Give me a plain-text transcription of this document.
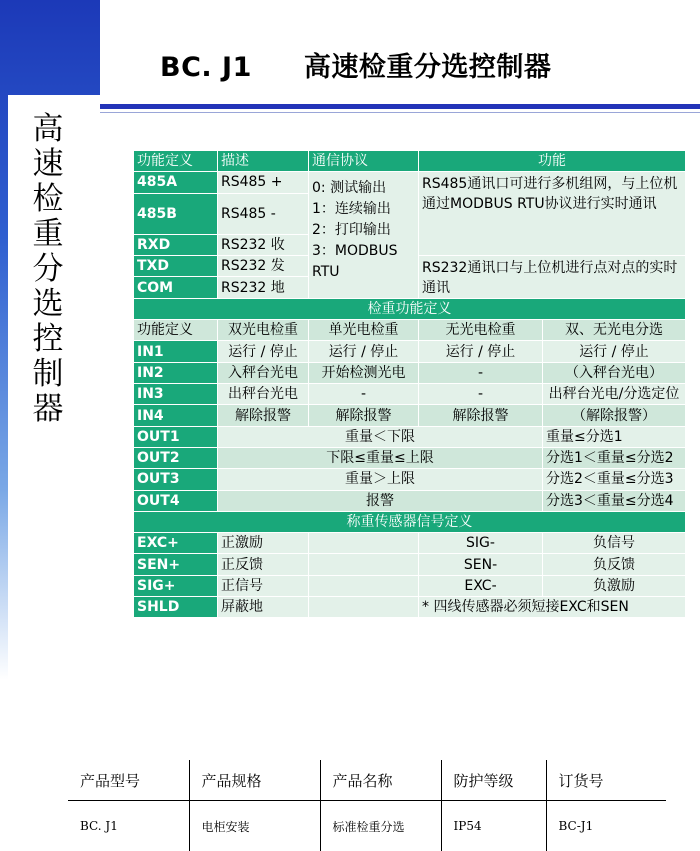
高
速
检
重
分
选
控
制
器
BC. J1 高速检重分选控制器
功能定义	描述	通信协议	功能	
485A	RS485 +	0: 测试输出
1：连续输出
2：打印输出
3：MODBUS RTU	RS485通讯口可进行多机组网，与上位机通过MODBUS RTU协议进行实时通讯	
485B	RS485 -			
RXD	RS232 收			
TXD	RS232 发		RS232通讯口与上位机进行点对点的实时通讯	
COM	RS232 地			
检重功能定义				
功能定义	双光电检重	单光电检重	无光电检重	双、无光电分选
IN1	运行 / 停止	运行 / 停止	运行 / 停止	运行 / 停止
IN2	入秤台光电	开始检测光电	-	（入秤台光电）
IN3	出秤台光电	-	-	出秤台光电/分选定位
IN4	解除报警	解除报警	解除报警	（解除报警）
OUT1	重量＜下限			重量≤分选1
OUT2	下限≤重量≤上限			分选1＜重量≤分选2
OUT3	重量＞上限			分选2＜重量≤分选3
OUT4	报警			分选3＜重量≤分选4
称重传感器信号定义				
EXC+	正激励		SIG-	负信号
SEN+	正反馈		SEN-	负反馈
SIG+	正信号		EXC-	负激励
SHLD	屏蔽地		* 四线传感器必须短接EXC和SEN	
产品型号	产品规格	产品名称	防护等级	订货号
BC. J1	电柜安装	标准检重分选	IP54	BC-J1
